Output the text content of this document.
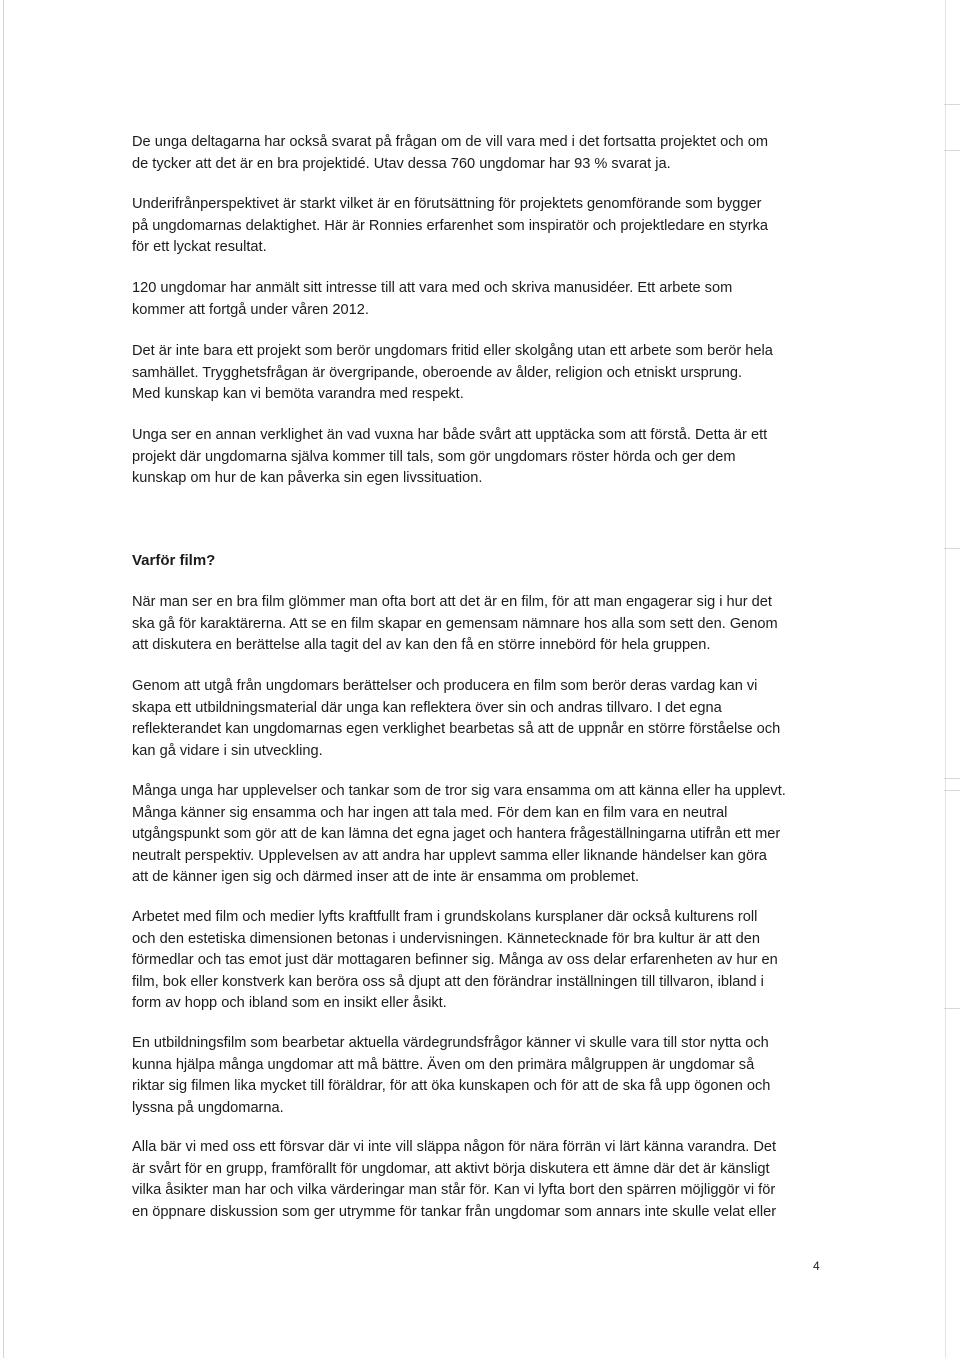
De unga deltagarna har också svarat på frågan om de vill vara med i det fortsatta projektet och om
de tycker att det är en bra projektidé. Utav dessa 760 ungdomar har 93 % svarat ja.

Underifrånperspektivet är starkt vilket är en förutsättning för projektets genomförande som bygger
på ungdomarnas delaktighet. Här är Ronnies erfarenhet som inspiratör och projektledare en styrka
för ett lyckat resultat.

120 ungdomar har anmält sitt intresse till att vara med och skriva manusidéer. Ett arbete som
kommer att fortgå under våren 2012.

Det är inte bara ett projekt som berör ungdomars fritid eller skolgång utan ett arbete som berör hela
samhället. Trygghetsfrågan är övergripande, oberoende av ålder, religion och etniskt ursprung.
Med kunskap kan vi bemöta varandra med respekt.

Unga ser en annan verklighet än vad vuxna har både svårt att upptäcka som att förstå. Detta är ett
projekt där ungdomarna själva kommer till tals, som gör ungdomars röster hörda och ger dem
kunskap om hur de kan påverka sin egen livssituation.

Varför film?

När man ser en bra film glömmer man ofta bort att det är en film, för att man engagerar sig i hur det
ska gå för karaktärerna. Att se en film skapar en gemensam nämnare hos alla som sett den. Genom
att diskutera en berättelse alla tagit del av kan den få en större innebörd för hela gruppen.

Genom att utgå från ungdomars berättelser och producera en film som berör deras vardag kan vi
skapa ett utbildningsmaterial där unga kan reflektera över sin och andras tillvaro. I det egna
reflekterandet kan ungdomarnas egen verklighet bearbetas så att de uppnår en större förståelse och
kan gå vidare i sin utveckling.

Många unga har upplevelser och tankar som de tror sig vara ensamma om att känna eller ha upplevt.
Många känner sig ensamma och har ingen att tala med. För dem kan en film vara en neutral
utgångspunkt som gör att de kan lämna det egna jaget och hantera frågeställningarna utifrån ett mer
neutralt perspektiv. Upplevelsen av att andra har upplevt samma eller liknande händelser kan göra
att de känner igen sig och därmed inser att de inte är ensamma om problemet.

Arbetet med film och medier lyfts kraftfullt fram i grundskolans kursplaner där också kulturens roll
och den estetiska dimensionen betonas i undervisningen. Kännetecknade för bra kultur är att den
förmedlar och tas emot just där mottagaren befinner sig. Många av oss delar erfarenheten av hur en
film, bok eller konstverk kan beröra oss så djupt att den förändrar inställningen till tillvaron, ibland i
form av hopp och ibland som en insikt eller åsikt.

En utbildningsfilm som bearbetar aktuella värdegrundsfrågor känner vi skulle vara till stor nytta och
kunna hjälpa många ungdomar att må bättre. Även om den primära målgruppen är ungdomar så
riktar sig filmen lika mycket till föräldrar, för att öka kunskapen och för att de ska få upp ögonen och
lyssna på ungdomarna.

Alla bär vi med oss ett försvar där vi inte vill släppa någon för nära förrän vi lärt känna varandra. Det
är svårt för en grupp, framförallt för ungdomar, att aktivt börja diskutera ett ämne där det är känsligt
vilka åsikter man har och vilka värderingar man står för. Kan vi lyfta bort den spärren möjliggör vi för
en öppnare diskussion som ger utrymme för tankar från ungdomar som annars inte skulle velat eller

4
